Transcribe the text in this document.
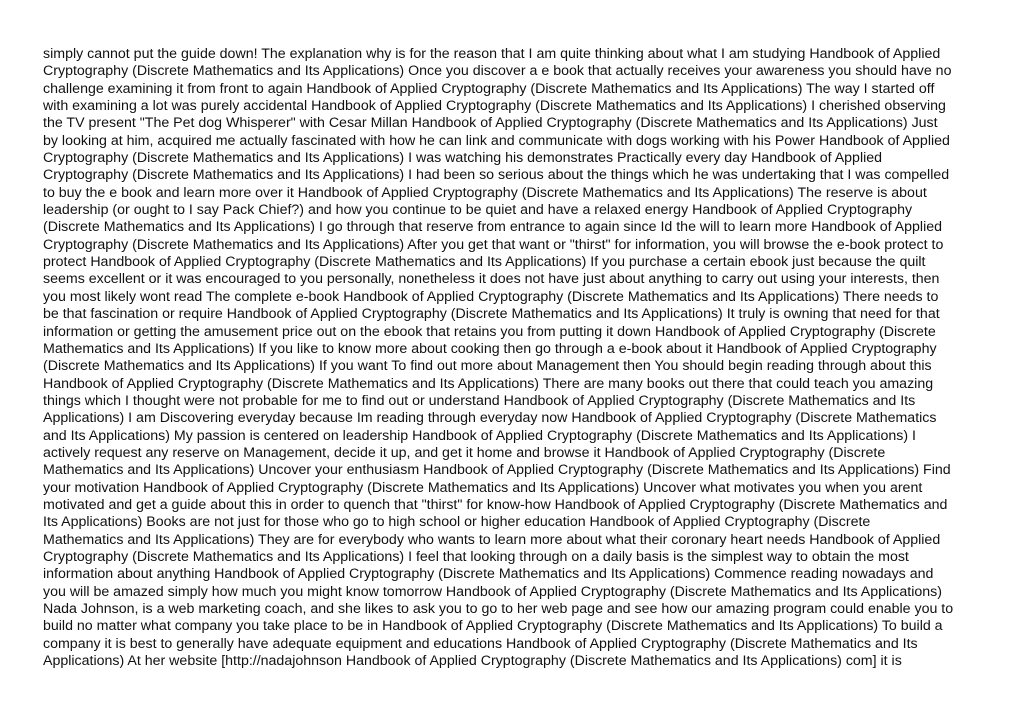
simply cannot put the guide down! The explanation why is for the reason that I am quite thinking about what I am studying Handbook of Applied
Cryptography (Discrete Mathematics and Its Applications) Once you discover a e book that actually receives your awareness you should have no
challenge examining it from front to again Handbook of Applied Cryptography (Discrete Mathematics and Its Applications) The way I started off
with examining a lot was purely accidental Handbook of Applied Cryptography (Discrete Mathematics and Its Applications) I cherished observing
the TV present "The Pet dog Whisperer" with Cesar Millan Handbook of Applied Cryptography (Discrete Mathematics and Its Applications) Just
by looking at him, acquired me actually fascinated with how he can link and communicate with dogs working with his Power Handbook of Applied
Cryptography (Discrete Mathematics and Its Applications) I was watching his demonstrates Practically every day Handbook of Applied
Cryptography (Discrete Mathematics and Its Applications) I had been so serious about the things which he was undertaking that I was compelled
to buy the e book and learn more over it Handbook of Applied Cryptography (Discrete Mathematics and Its Applications) The reserve is about
leadership (or ought to I say Pack Chief?) and how you continue to be quiet and have a relaxed energy Handbook of Applied Cryptography
(Discrete Mathematics and Its Applications) I go through that reserve from entrance to again since Id the will to learn more Handbook of Applied
Cryptography (Discrete Mathematics and Its Applications) After you get that want or "thirst" for information, you will browse the e-book protect to
protect Handbook of Applied Cryptography (Discrete Mathematics and Its Applications) If you purchase a certain ebook just because the quilt
seems excellent or it was encouraged to you personally, nonetheless it does not have just about anything to carry out using your interests, then
you most likely wont read The complete e-book Handbook of Applied Cryptography (Discrete Mathematics and Its Applications) There needs to
be that fascination or require Handbook of Applied Cryptography (Discrete Mathematics and Its Applications) It truly is owning that need for that
information or getting the amusement price out on the ebook that retains you from putting it down Handbook of Applied Cryptography (Discrete
Mathematics and Its Applications) If you like to know more about cooking then go through a e-book about it Handbook of Applied Cryptography
(Discrete Mathematics and Its Applications) If you want To find out more about Management then You should begin reading through about this
Handbook of Applied Cryptography (Discrete Mathematics and Its Applications) There are many books out there that could teach you amazing
things which I thought were not probable for me to find out or understand Handbook of Applied Cryptography (Discrete Mathematics and Its
Applications) I am Discovering everyday because Im reading through everyday now Handbook of Applied Cryptography (Discrete Mathematics
and Its Applications) My passion is centered on leadership Handbook of Applied Cryptography (Discrete Mathematics and Its Applications) I
actively request any reserve on Management, decide it up, and get it home and browse it Handbook of Applied Cryptography (Discrete
Mathematics and Its Applications) Uncover your enthusiasm Handbook of Applied Cryptography (Discrete Mathematics and Its Applications) Find
your motivation Handbook of Applied Cryptography (Discrete Mathematics and Its Applications) Uncover what motivates you when you arent
motivated and get a guide about this in order to quench that "thirst" for know-how Handbook of Applied Cryptography (Discrete Mathematics and
Its Applications) Books are not just for those who go to high school or higher education Handbook of Applied Cryptography (Discrete
Mathematics and Its Applications) They are for everybody who wants to learn more about what their coronary heart needs Handbook of Applied
Cryptography (Discrete Mathematics and Its Applications) I feel that looking through on a daily basis is the simplest way to obtain the most
information about anything Handbook of Applied Cryptography (Discrete Mathematics and Its Applications) Commence reading nowadays and
you will be amazed simply how much you might know tomorrow Handbook of Applied Cryptography (Discrete Mathematics and Its Applications)
Nada Johnson, is a web marketing coach, and she likes to ask you to go to her web page and see how our amazing program could enable you to
build no matter what company you take place to be in Handbook of Applied Cryptography (Discrete Mathematics and Its Applications) To build a
company it is best to generally have adequate equipment and educations Handbook of Applied Cryptography (Discrete Mathematics and Its
Applications) At her website [http://nadajohnson Handbook of Applied Cryptography (Discrete Mathematics and Its Applications) com] it is
